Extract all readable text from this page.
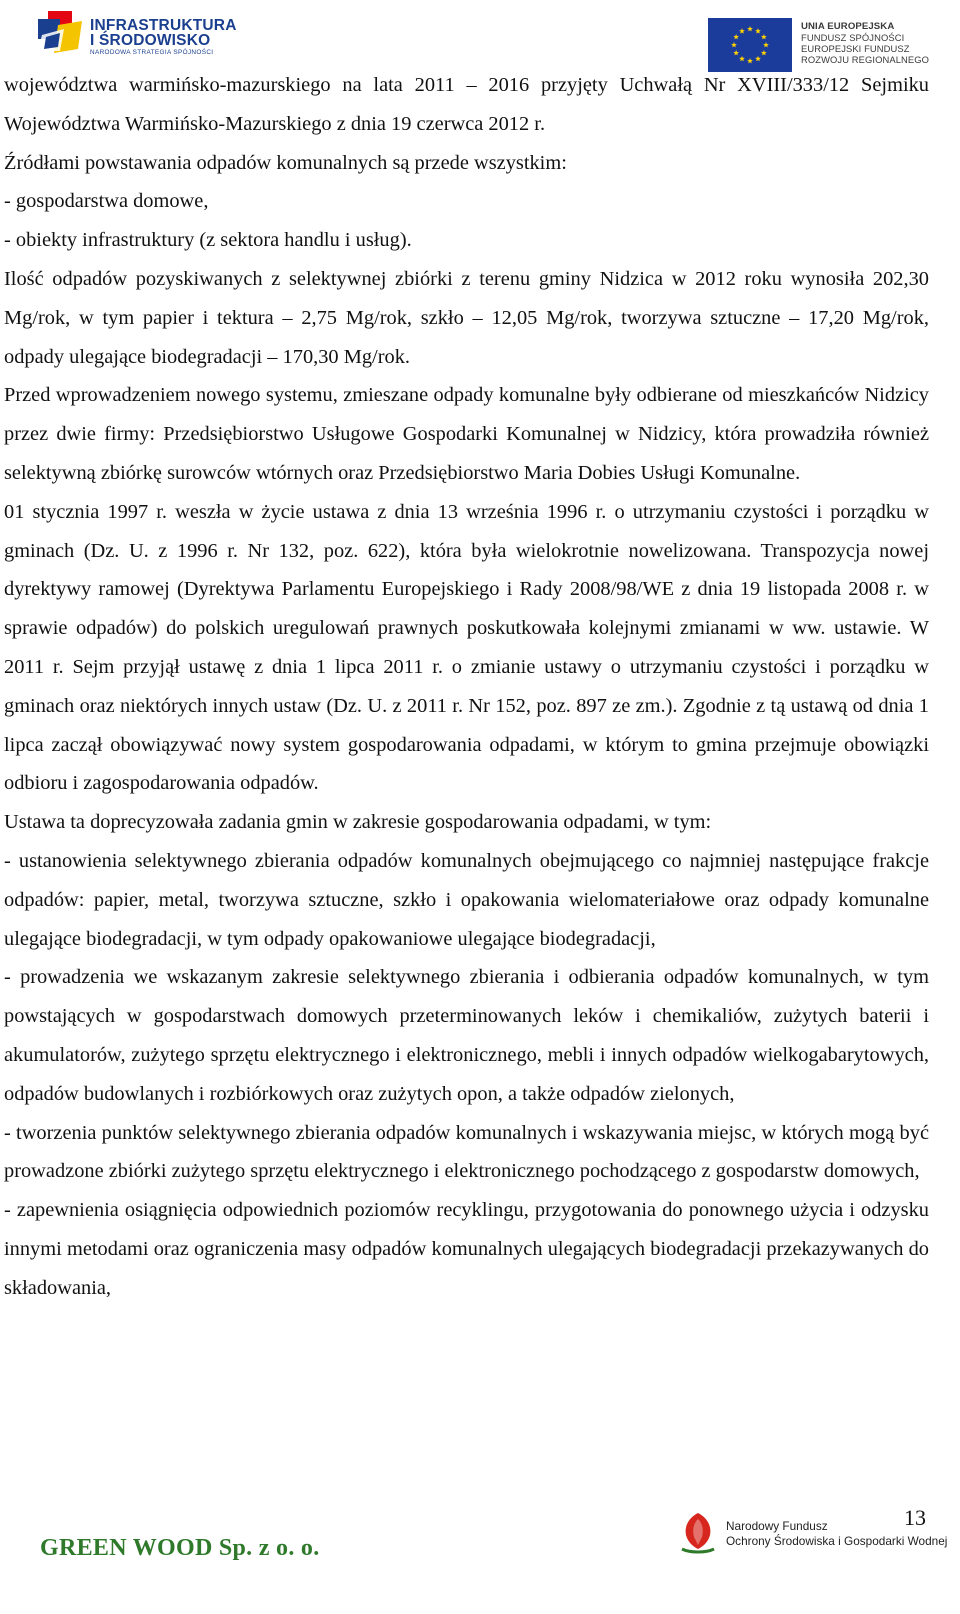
INFRASTRUKTURA
I ŚRODOWISKO
NARODOWA STRATEGIA SPÓJNOŚCI
UNIA EUROPEJSKA
FUNDUSZ SPÓJNOŚCI
EUROPEJSKI FUNDUSZ
ROZWOJU REGIONALNEGO

województwa warmińsko-mazurskiego na lata 2011 – 2016 przyjęty Uchwałą Nr XVIII/333/12 Sejmiku Województwa Warmińsko-Mazurskiego z dnia 19 czerwca 2012 r.

Źródłami powstawania odpadów komunalnych są przede wszystkim:

- gospodarstwa domowe,

- obiekty infrastruktury (z sektora handlu i usług).

Ilość odpadów pozyskiwanych z selektywnej zbiórki z terenu gminy Nidzica w 2012 roku wynosiła 202,30 Mg/rok, w tym papier i tektura – 2,75 Mg/rok, szkło – 12,05 Mg/rok, tworzywa sztuczne – 17,20 Mg/rok, odpady ulegające biodegradacji – 170,30 Mg/rok.

Przed wprowadzeniem nowego systemu, zmieszane odpady komunalne były odbierane od mieszkańców Nidzicy przez dwie firmy: Przedsiębiorstwo Usługowe Gospodarki Komunalnej w Nidzicy, która prowadziła również selektywną zbiórkę surowców wtórnych oraz Przedsiębiorstwo Maria Dobies Usługi Komunalne.

01 stycznia 1997 r. weszła w życie ustawa z dnia 13 września 1996 r. o utrzymaniu czystości i porządku w gminach (Dz. U. z 1996 r. Nr 132, poz. 622), która była wielokrotnie nowelizowana. Transpozycja nowej dyrektywy ramowej (Dyrektywa Parlamentu Europejskiego i Rady 2008/98/WE z dnia 19 listopada 2008 r. w sprawie odpadów) do polskich uregulowań prawnych poskutkowała kolejnymi zmianami w ww. ustawie. W 2011 r. Sejm przyjął ustawę z dnia 1 lipca 2011 r. o zmianie ustawy o utrzymaniu czystości i porządku w gminach oraz niektórych innych ustaw (Dz. U. z 2011 r. Nr 152, poz. 897 ze zm.). Zgodnie z tą ustawą od dnia 1 lipca zaczął obowiązywać nowy system gospodarowania odpadami, w którym to gmina przejmuje obowiązki odbioru i zagospodarowania odpadów.

Ustawa ta doprecyzowała zadania gmin w zakresie gospodarowania odpadami, w tym:

- ustanowienia selektywnego zbierania odpadów komunalnych obejmującego co najmniej następujące frakcje odpadów: papier, metal, tworzywa sztuczne, szkło i opakowania wielomateriałowe oraz odpady komunalne ulegające biodegradacji, w tym odpady opakowaniowe ulegające biodegradacji,

- prowadzenia we wskazanym zakresie selektywnego zbierania i odbierania odpadów komunalnych, w tym powstających w gospodarstwach domowych przeterminowanych leków i chemikaliów, zużytych baterii i akumulatorów, zużytego sprzętu elektrycznego i elektronicznego, mebli i innych odpadów wielkogabarytowych, odpadów budowlanych i rozbiórkowych oraz zużytych opon, a także odpadów zielonych,

- tworzenia punktów selektywnego zbierania odpadów komunalnych i wskazywania miejsc, w których mogą być prowadzone zbiórki zużytego sprzętu elektrycznego i elektronicznego pochodzącego z gospodarstw domowych,

- zapewnienia osiągnięcia odpowiednich poziomów recyklingu, przygotowania do ponownego użycia i odzysku innymi metodami oraz ograniczenia masy odpadów komunalnych ulegających biodegradacji przekazywanych do składowania,

13
GREEN WOOD Sp. z o. o.
Narodowy Fundusz
Ochrony Środowiska i Gospodarki Wodnej
